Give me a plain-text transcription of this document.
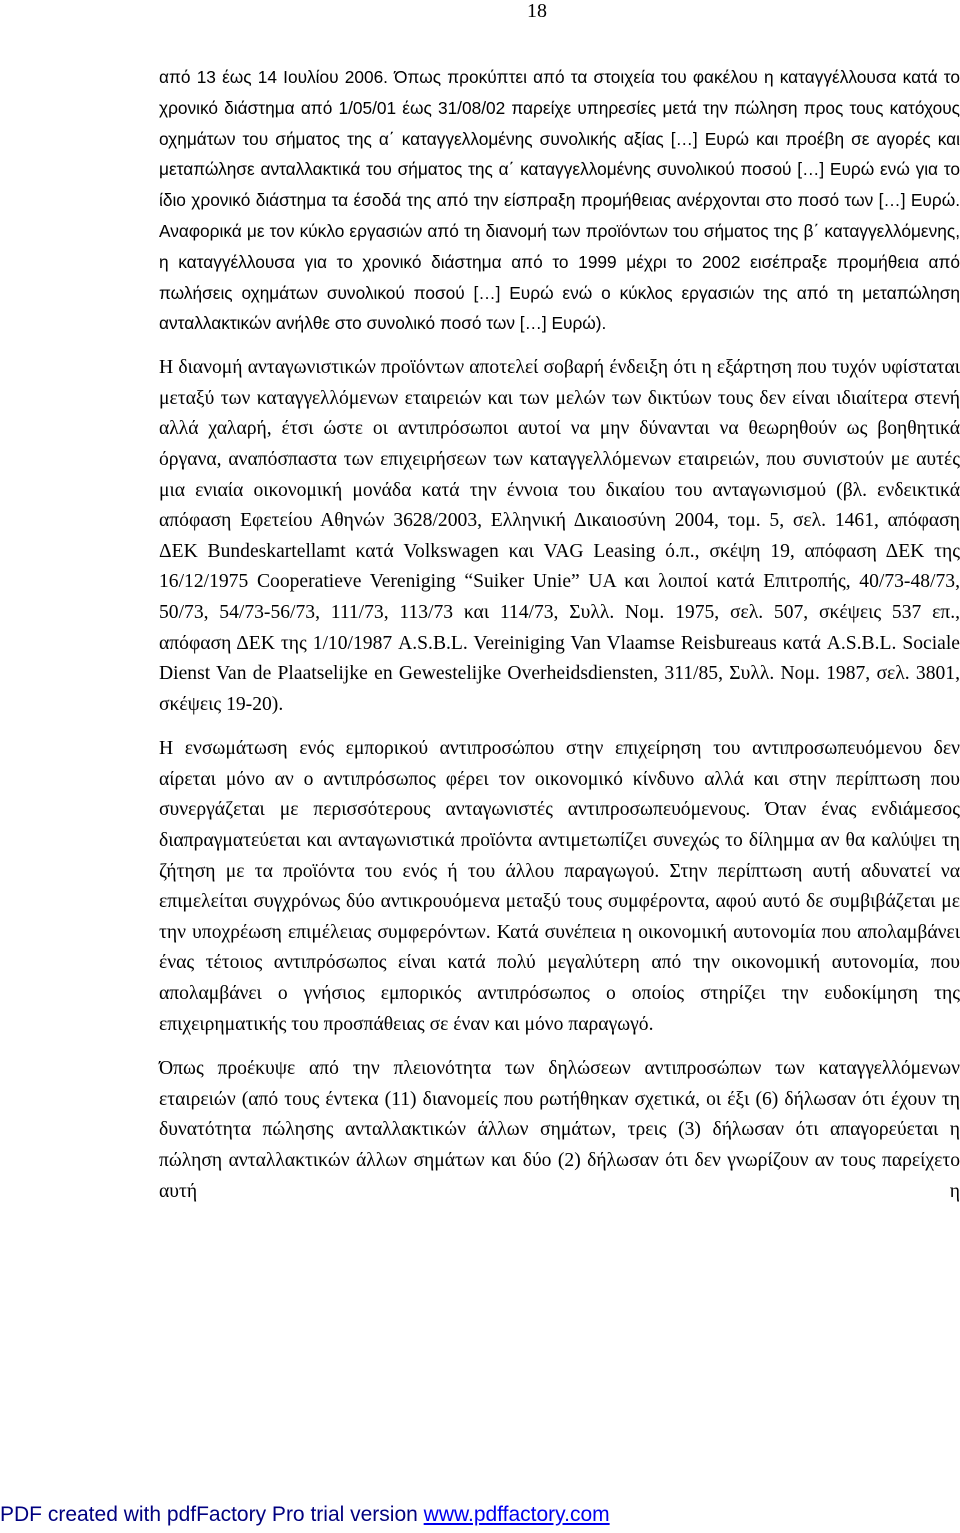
18

από 13 έως 14 Ιουλίου 2006. Όπως προκύπτει από τα στοιχεία του φακέλου η καταγγέλλουσα κατά το χρονικό διάστημα από 1/05/01 έως 31/08/02 παρείχε υπηρεσίες μετά την πώληση προς τους κατόχους οχημάτων του σήματος της α΄ καταγγελλομένης συνολικής αξίας […] Ευρώ και προέβη σε αγορές και μεταπώλησε ανταλλακτικά του σήματος της α΄ καταγγελλομένης συνολικού ποσού […] Ευρώ ενώ για το ίδιο χρονικό διάστημα τα έσοδά της από την είσπραξη προμήθειας ανέρχονται στο ποσό των […] Ευρώ. Αναφορικά με τον κύκλο εργασιών από τη διανομή των προϊόντων του σήματος της β΄ καταγγελλόμενης, η καταγγέλλουσα για το χρονικό διάστημα από το 1999 μέχρι το 2002 εισέπραξε προμήθεια από πωλήσεις οχημάτων συνολικού ποσού […] Ευρώ ενώ ο κύκλος εργασιών της από τη μεταπώληση ανταλλακτικών ανήλθε στο συνολικό ποσό των […] Ευρώ).

Η διανομή ανταγωνιστικών προϊόντων αποτελεί σοβαρή ένδειξη ότι η εξάρτηση που τυχόν υφίσταται μεταξύ των καταγγελλόμενων εταιρειών και των μελών των δικτύων τους δεν είναι ιδιαίτερα στενή αλλά χαλαρή, έτσι ώστε οι αντιπρόσωποι αυτοί να μην δύνανται να θεωρηθούν ως βοηθητικά όργανα, αναπόσπαστα των επιχειρήσεων των καταγγελλόμενων εταιρειών, που συνιστούν με αυτές μια ενιαία οικονομική μονάδα κατά την έννοια του δικαίου του ανταγωνισμού (βλ. ενδεικτικά απόφαση Εφετείου Αθηνών 3628/2003, Ελληνική Δικαιοσύνη 2004, τομ. 5, σελ. 1461, απόφαση ΔΕΚ Bundeskartellamt κατά Volkswagen και VAG Leasing ό.π., σκέψη 19, απόφαση ΔΕΚ της 16/12/1975 Cooperatieve Vereniging “Suiker Unie” UA και λοιποί κατά Επιτροπής, 40/73-48/73, 50/73, 54/73-56/73, 111/73, 113/73 και 114/73, Συλλ. Νομ. 1975, σελ. 507, σκέψεις 537 επ., απόφαση ΔΕΚ της 1/10/1987 A.S.B.L. Vereiniging Van Vlaamse Reisbureaus κατά A.S.B.L. Sociale Dienst Van de Plaatselijke en Gewestelijke Overheidsdiensten, 311/85, Συλλ. Νομ. 1987, σελ. 3801, σκέψεις 19-20).

Η ενσωμάτωση ενός εμπορικού αντιπροσώπου στην επιχείρηση του αντιπροσωπευόμενου δεν αίρεται μόνο αν ο αντιπρόσωπος φέρει τον οικονομικό κίνδυνο αλλά και στην περίπτωση που συνεργάζεται με περισσότερους ανταγωνιστές αντιπροσωπευόμενους. Όταν ένας ενδιάμεσος διαπραγματεύεται και ανταγωνιστικά προϊόντα αντιμετωπίζει συνεχώς το δίλημμα αν θα καλύψει τη ζήτηση με τα προϊόντα του ενός ή του άλλου παραγωγού. Στην περίπτωση αυτή αδυνατεί να επιμελείται συγχρόνως δύο αντικρουόμενα μεταξύ τους συμφέροντα, αφού αυτό δε συμβιβάζεται με την υποχρέωση επιμέλειας συμφερόντων. Κατά συνέπεια η οικονομική αυτονομία που απολαμβάνει ένας τέτοιος αντιπρόσωπος είναι κατά πολύ μεγαλύτερη από την οικονομική αυτονομία, που απολαμβάνει ο γνήσιος εμπορικός αντιπρόσωπος ο οποίος στηρίζει την ευδοκίμηση της επιχειρηματικής του προσπάθειας σε έναν και μόνο παραγωγό.

Όπως προέκυψε από την πλειονότητα των δηλώσεων αντιπροσώπων των καταγγελλόμενων εταιρειών (από τους έντεκα (11) διανομείς που ρωτήθηκαν σχετικά, οι έξι (6) δήλωσαν ότι έχουν τη δυνατότητα πώλησης ανταλλακτικών άλλων σημάτων, τρεις (3) δήλωσαν ότι απαγορεύεται η πώληση ανταλλακτικών άλλων σημάτων και δύο (2) δήλωσαν ότι δεν γνωρίζουν αν τους παρείχετο αυτή η

PDF created with pdfFactory Pro trial version www.pdffactory.com
